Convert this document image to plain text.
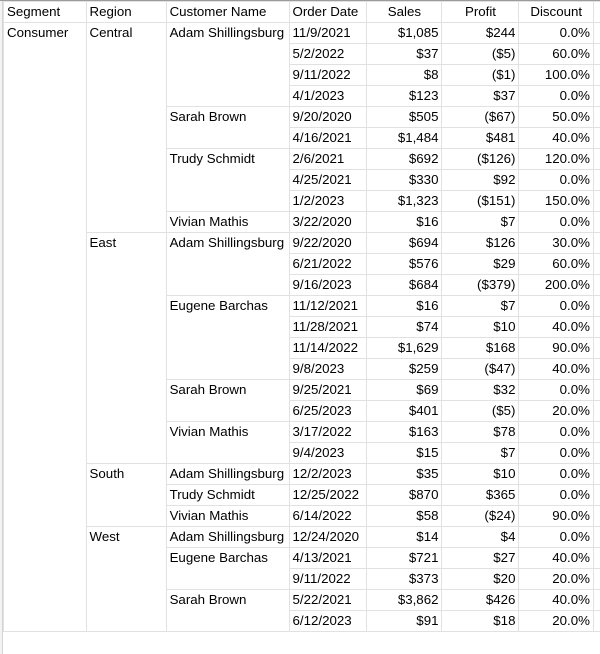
Segment	Region	Customer Name	Order Date	Sales	Profit	Discount	
Consumer	Central	Adam Shillingsburg	11/9/2021	$1,085	$244	0.0%	
			5/2/2022	$37	($5)	60.0%	
			9/11/2022	$8	($1)	100.0%	
			4/1/2023	$123	$37	0.0%	
		Sarah Brown	9/20/2020	$505	($67)	50.0%	
			4/16/2021	$1,484	$481	40.0%	
		Trudy Schmidt	2/6/2021	$692	($126)	120.0%	
			4/25/2021	$330	$92	0.0%	
			1/2/2023	$1,323	($151)	150.0%	
		Vivian Mathis	3/22/2020	$16	$7	0.0%	
	East	Adam Shillingsburg	9/22/2020	$694	$126	30.0%	
			6/21/2022	$576	$29	60.0%	
			9/16/2023	$684	($379)	200.0%	
		Eugene Barchas	11/12/2021	$16	$7	0.0%	
			11/28/2021	$74	$10	40.0%	
			11/14/2022	$1,629	$168	90.0%	
			9/8/2023	$259	($47)	40.0%	
		Sarah Brown	9/25/2021	$69	$32	0.0%	
			6/25/2023	$401	($5)	20.0%	
		Vivian Mathis	3/17/2022	$163	$78	0.0%	
			9/4/2023	$15	$7	0.0%	
	South	Adam Shillingsburg	12/2/2023	$35	$10	0.0%	
		Trudy Schmidt	12/25/2022	$870	$365	0.0%	
		Vivian Mathis	6/14/2022	$58	($24)	90.0%	
	West	Adam Shillingsburg	12/24/2020	$14	$4	0.0%	
		Eugene Barchas	4/13/2021	$721	$27	40.0%	
			9/11/2022	$373	$20	20.0%	
		Sarah Brown	5/22/2021	$3,862	$426	40.0%	
			6/12/2023	$91	$18	20.0%	
